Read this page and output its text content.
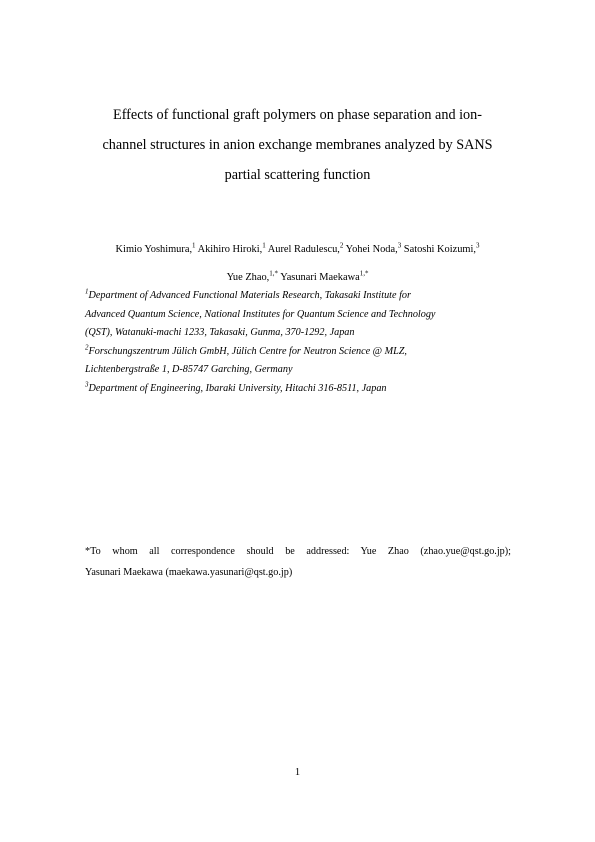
Effects of functional graft polymers on phase separation and ion-
channel structures in anion exchange membranes analyzed by SANS
partial scattering function
Kimio Yoshimura,$^1$ Akihiro Hiroki,$^1$ Aurel Radulescu,$^2$ Yohei Noda,$^3$ Satoshi Koizumi,$^3$
Yue Zhao,$^{1,*}$ Yasunari Maekawa$^{1,*}$
$^1$Department of Advanced Functional Materials Research, Takasaki Institute for
Advanced Quantum Science, National Institutes for Quantum Science and Technology
(QST), Watanuki-machi 1233, Takasaki, Gunma, 370-1292, Japan
$^2$Forschungszentrum Jülich GmbH, Jülich Centre for Neutron Science @ MLZ,
Lichtenbergstraße 1, D-85747 Garching, Germany
$^3$Department of Engineering, Ibaraki University, Hitachi 316-8511, Japan
*To whom all correspondence should be addressed: Yue Zhao (zhao.yue@qst.go.jp);
Yasunari Maekawa (maekawa.yasunari@qst.go.jp)
1
